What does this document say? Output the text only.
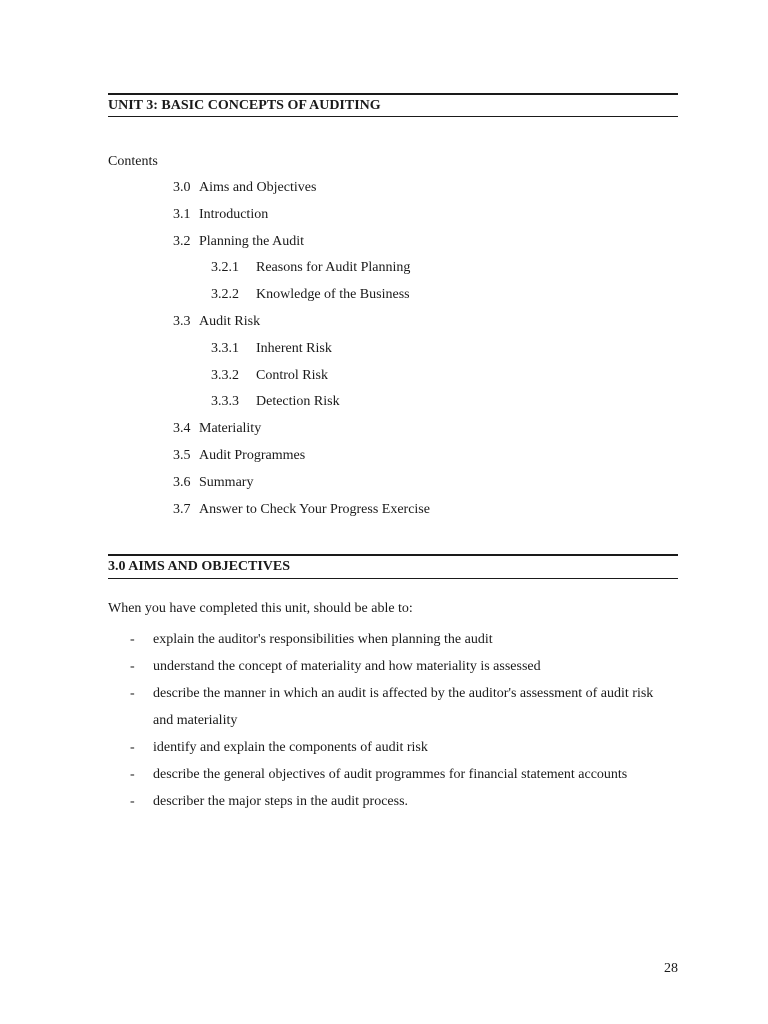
UNIT 3: BASIC CONCEPTS OF AUDITING
Contents
3.0 Aims and Objectives
3.1 Introduction
3.2 Planning the Audit
3.2.1 Reasons for Audit Planning
3.2.2 Knowledge of the Business
3.3 Audit Risk
3.3.1 Inherent Risk
3.3.2 Control Risk
3.3.3 Detection Risk
3.4 Materiality
3.5 Audit Programmes
3.6 Summary
3.7 Answer to Check Your Progress Exercise
3.0 AIMS AND OBJECTIVES
When you have completed this unit, should be able to:
- explain the auditor's responsibilities when planning the audit
- understand the concept of materiality and how materiality is assessed
- describe the manner in which an audit is affected by the auditor's assessment of audit risk and materiality
- identify and explain the components of audit risk
- describe the general objectives of audit programmes for financial statement accounts
- describer the major steps in the audit process.
28
